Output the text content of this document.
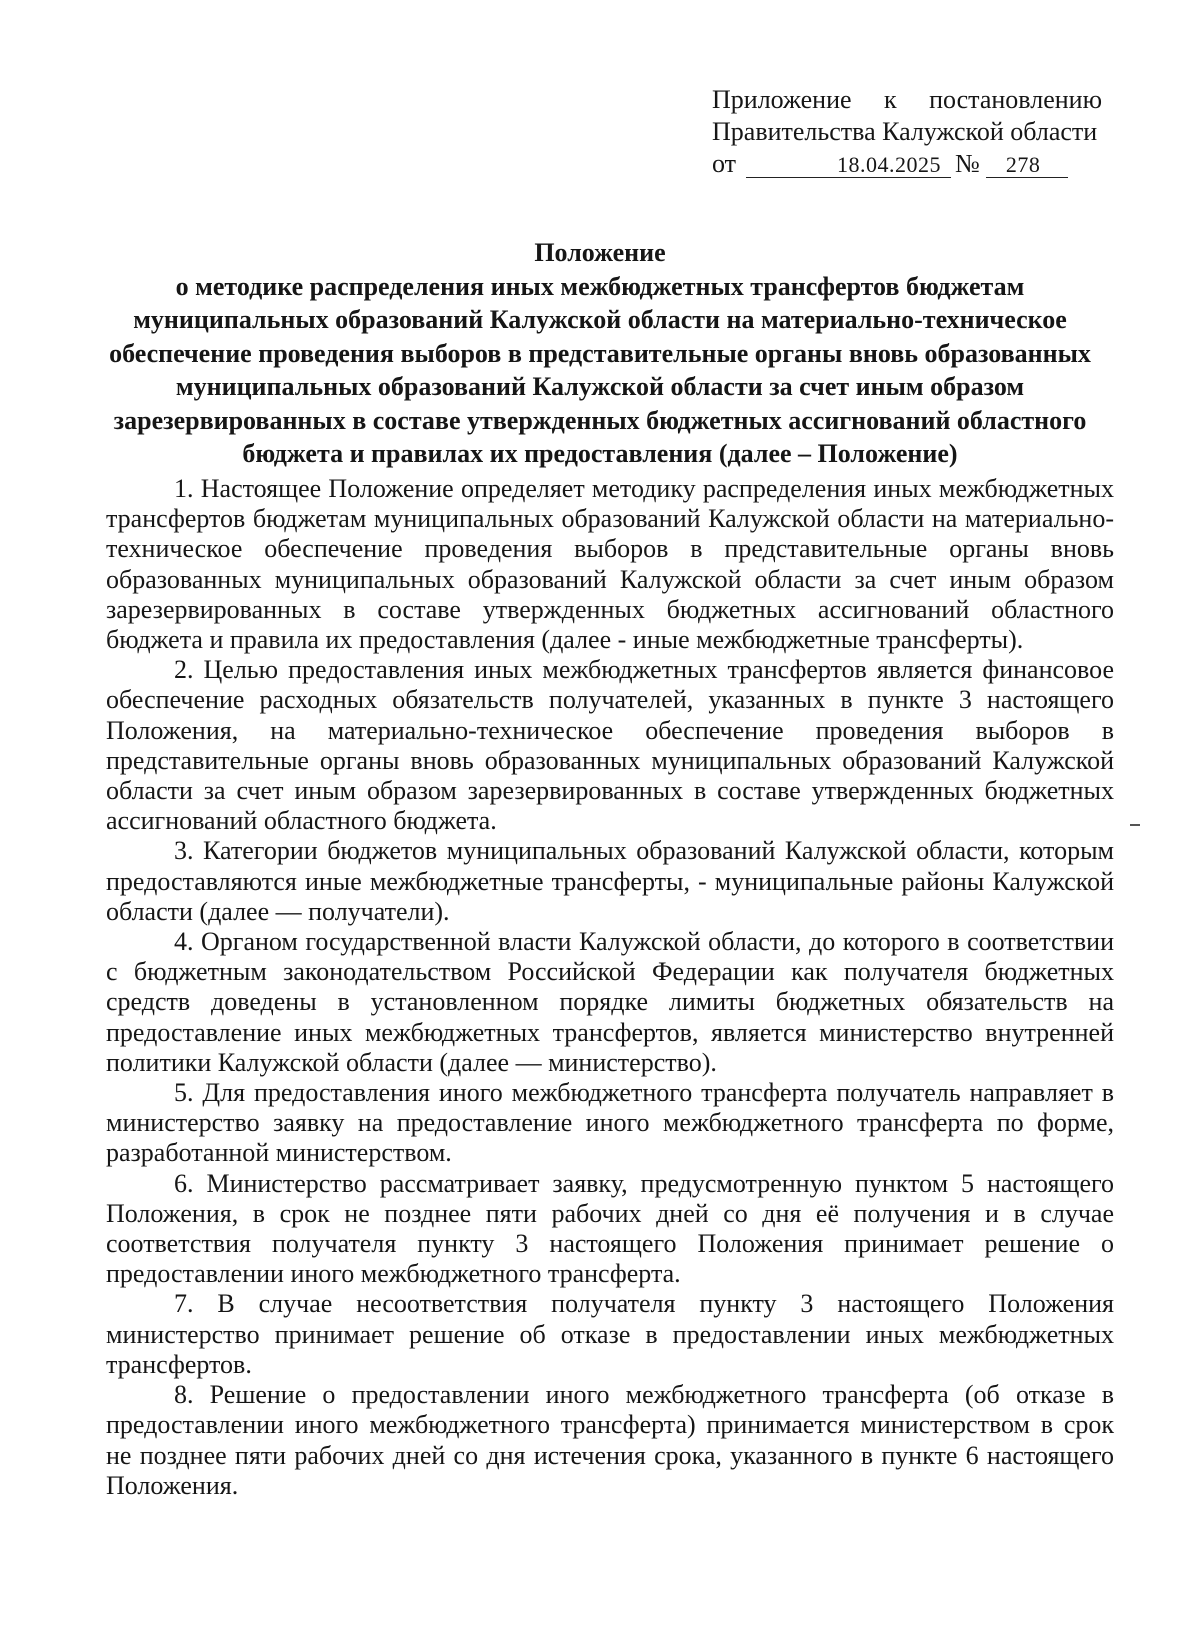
Приложение к постановлению
Правительства Калужской области
от	18.04.2025 №	278
Положение
о методике распределения иных межбюджетных трансфертов бюджетам
муниципальных образований Калужской области на материально-техническое
обеспечение проведения выборов в представительные органы вновь образованных
муниципальных образований Калужской области за счет иным образом
зарезервированных в составе утвержденных бюджетных ассигнований областного
бюджета и правилах их предоставления (далее – Положение)

1. Настоящее Положение определяет методику распределения иных межбюджетных трансфертов бюджетам муниципальных образований Калужской области на материально-техническое обеспечение проведения выборов в представительные органы вновь образованных муниципальных образований Калужской области за счет иным образом зарезервированных в составе утвержденных бюджетных ассигнований областного бюджета и правила их предоставления (далее - иные межбюджетные трансферты).

2. Целью предоставления иных межбюджетных трансфертов является финансовое обеспечение расходных обязательств получателей, указанных в пункте 3 настоящего Положения, на материально-техническое обеспечение проведения выборов в представительные органы вновь образованных муниципальных образований Калужской области за счет иным образом зарезервированных в составе утвержденных бюджетных ассигнований областного бюджета.

3. Категории бюджетов муниципальных образований Калужской области, которым предоставляются иные межбюджетные трансферты, - муниципальные районы Калужской области (далее — получатели).

4. Органом государственной власти Калужской области, до которого в соответствии с бюджетным законодательством Российской Федерации как получателя бюджетных средств доведены в установленном порядке лимиты бюджетных обязательств на предоставление иных межбюджетных трансфертов, является министерство внутренней политики Калужской области (далее — министерство).

5. Для предоставления иного межбюджетного трансферта получатель направляет в министерство заявку на предоставление иного межбюджетного трансферта по форме, разработанной министерством.

6. Министерство рассматривает заявку, предусмотренную пунктом 5 настоящего Положения, в срок не позднее пяти рабочих дней со дня её получения и в случае соответствия получателя пункту 3 настоящего Положения принимает решение о предоставлении иного межбюджетного трансферта.

7. В случае несоответствия получателя пункту 3 настоящего Положения министерство принимает решение об отказе в предоставлении иных межбюджетных трансфертов.

8. Решение о предоставлении иного межбюджетного трансферта (об отказе в предоставлении иного межбюджетного трансферта) принимается министерством в срок не позднее пяти рабочих дней со дня истечения срока, указанного в пункте 6 настоящего Положения.
